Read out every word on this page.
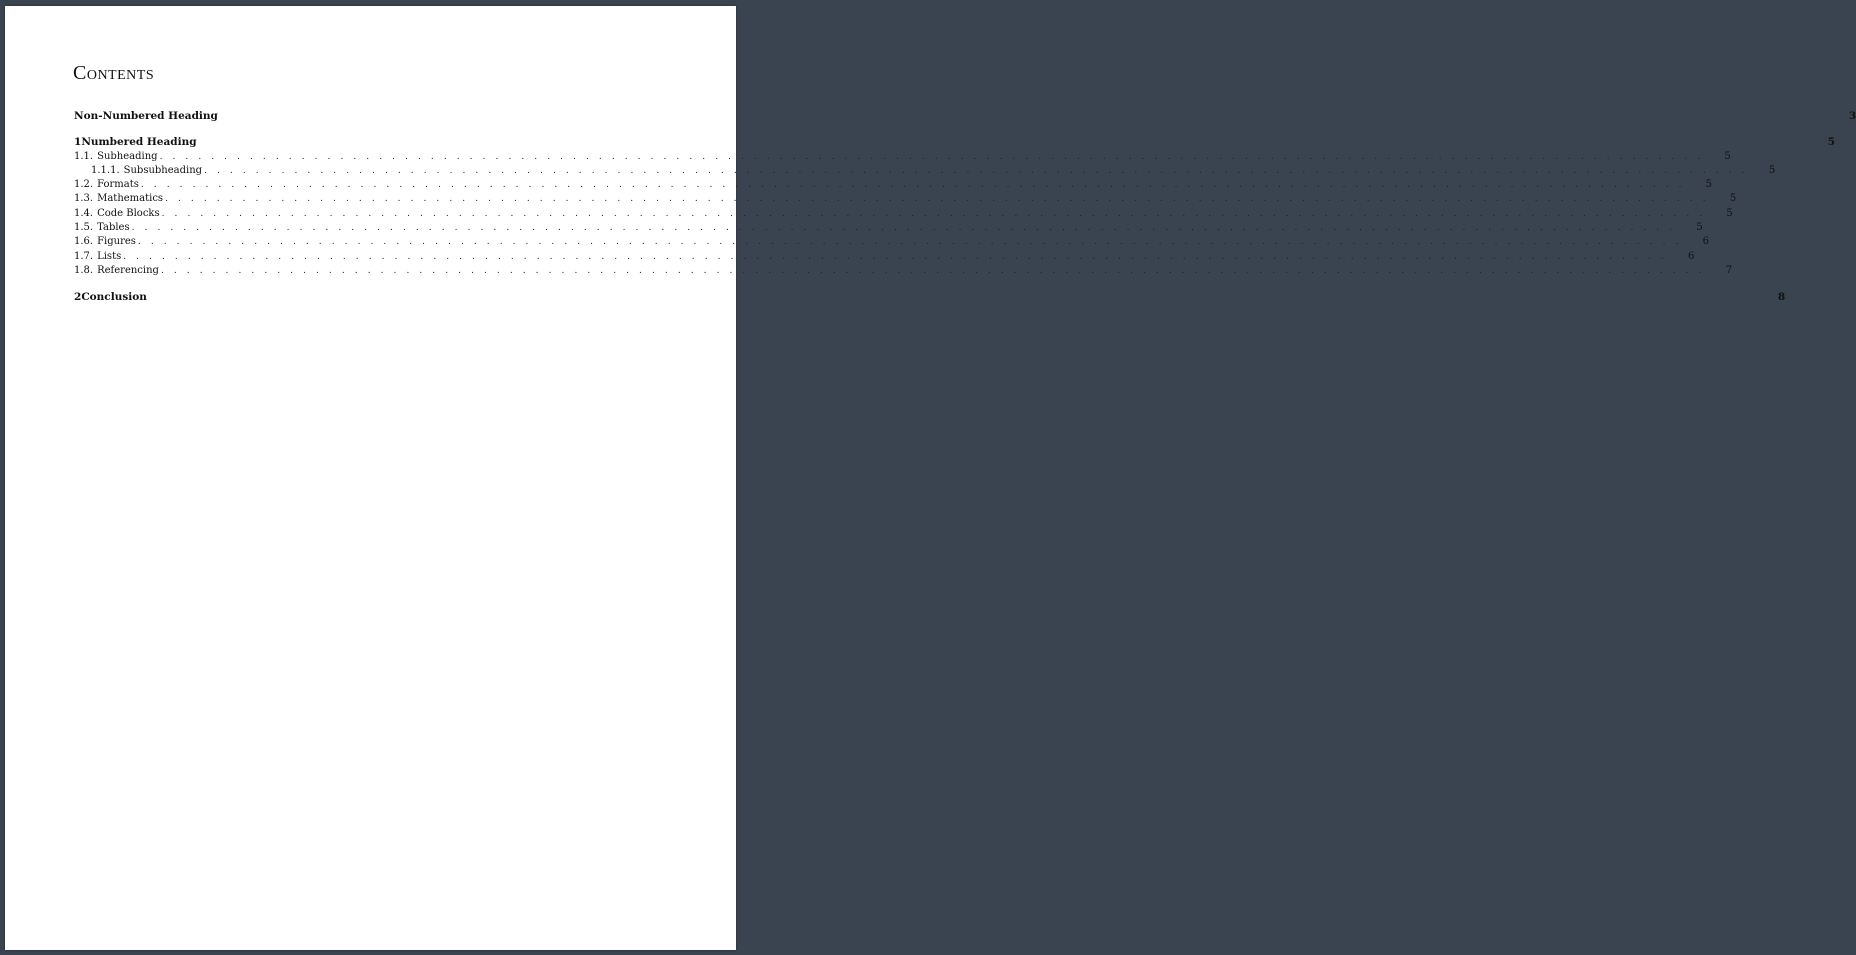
Contents
Non-Numbered Heading	3
1 Numbered Heading	5
1.1. Subheading . . . . . . . . . . . . . . . . . . . . . . . . . . . . . . . . . . . . . . . . . . . . . . . . . . . . . . . . . . . . . . . . . . . . . . . . . . . . . . . . . . . . . . . . . . . . . . . . . . . . . . . . . . . . . . . . . . . . . . . .	5
1.1.1. Subsubheading . . . . . . . . . . . . . . . . . . . . . . . . . . . . . . . . . . . . . . . . . . . . . . . . . . . . . . . . . . . . . . . . . . . . . . . . . . . . . . . . . . . . . . . . . . . . . . . . . . . . . . . . . . . . . . . . . . . . . . . .	5
1.2. Formats . . . . . . . . . . . . . . . . . . . . . . . . . . . . . . . . . . . . . . . . . . . . . . . . . . . . . . . . . . . . . . . . . . . . . . . . . . . . . . . . . . . . . . . . . . . . . . . . . . . . . . . . . . . . . . . . . . . . . . . .	5
1.3. Mathematics . . . . . . . . . . . . . . . . . . . . . . . . . . . . . . . . . . . . . . . . . . . . . . . . . . . . . . . . . . . . . . . . . . . . . . . . . . . . . . . . . . . . . . . . . . . . . . . . . . . . . . . . . . . . . . . . . . . . . . . .	5
1.4. Code Blocks . . . . . . . . . . . . . . . . . . . . . . . . . . . . . . . . . . . . . . . . . . . . . . . . . . . . . . . . . . . . . . . . . . . . . . . . . . . . . . . . . . . . . . . . . . . . . . . . . . . . . . . . . . . . . . . . . . . . . . . .	5
1.5. Tables . . . . . . . . . . . . . . . . . . . . . . . . . . . . . . . . . . . . . . . . . . . . . . . . . . . . . . . . . . . . . . . . . . . . . . . . . . . . . . . . . . . . . . . . . . . . . . . . . . . . . . . . . . . . . . . . . . . . . . . .	5
1.6. Figures . . . . . . . . . . . . . . . . . . . . . . . . . . . . . . . . . . . . . . . . . . . . . . . . . . . . . . . . . . . . . . . . . . . . . . . . . . . . . . . . . . . . . . . . . . . . . . . . . . . . . . . . . . . . . . . . . . . . . . . .	6
1.7. Lists . . . . . . . . . . . . . . . . . . . . . . . . . . . . . . . . . . . . . . . . . . . . . . . . . . . . . . . . . . . . . . . . . . . . . . . . . . . . . . . . . . . . . . . . . . . . . . . . . . . . . . . . . . . . . . . . . . . . . . . .	6
1.8. Referencing . . . . . . . . . . . . . . . . . . . . . . . . . . . . . . . . . . . . . . . . . . . . . . . . . . . . . . . . . . . . . . . . . . . . . . . . . . . . . . . . . . . . . . . . . . . . . . . . . . . . . . . . . . . . . . . . . . . . . . . .	7
2 Conclusion	8
